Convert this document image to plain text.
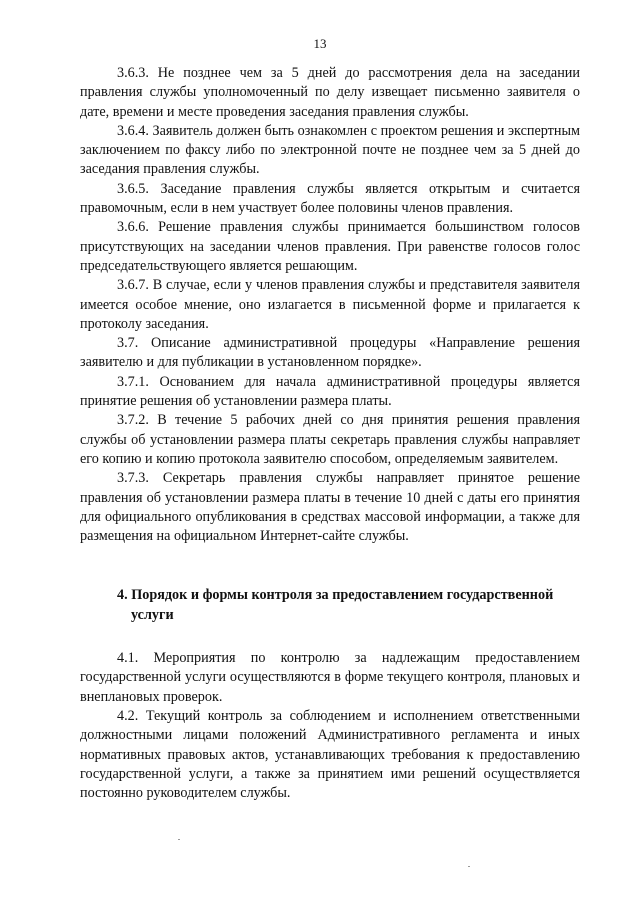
13

3.6.3. Не позднее чем за 5 дней до рассмотрения дела на заседании правления службы уполномоченный по делу извещает письменно заявителя о дате, времени и месте проведения заседания правления службы.

3.6.4. Заявитель должен быть ознакомлен с проектом решения и экспертным заключением по факсу либо по электронной почте не позднее чем за 5 дней до заседания правления службы.

3.6.5. Заседание правления службы является открытым и считается правомочным, если в нем участвует более половины членов правления.

3.6.6. Решение правления службы принимается большинством голосов присутствующих на заседании членов правления. При равенстве голосов голос председательствующего является решающим.

3.6.7. В случае, если у членов правления службы и представителя заявителя имеется особое мнение, оно излагается в письменной форме и прилагается к протоколу заседания.

3.7. Описание административной процедуры «Направление решения заявителю и для публикации в установленном порядке».

3.7.1. Основанием для начала административной процедуры является принятие решения об установлении размера платы.

3.7.2. В течение 5 рабочих дней со дня принятия решения правления службы об установлении размера платы секретарь правления службы направляет его копию и копию протокола заявителю способом, определяемым заявителем.

3.7.3. Секретарь правления службы направляет принятое решение правления об установлении размера платы в течение 10 дней с даты его принятия для официального опубликования в средствах массовой информации, а также для размещения на официальном Интернет-сайте службы.

4. Порядок и формы контроля за предоставлением государственной
услуги

4.1. Мероприятия по контролю за надлежащим предоставлением государственной услуги осуществляются в форме текущего контроля, плановых и внеплановых проверок.

4.2. Текущий контроль за соблюдением и исполнением ответственными должностными лицами положений Административного регламента и иных нормативных правовых актов, устанавливающих требования к предоставлению государственной услуги, а также за принятием ими решений осуществляется постоянно руководителем службы.
